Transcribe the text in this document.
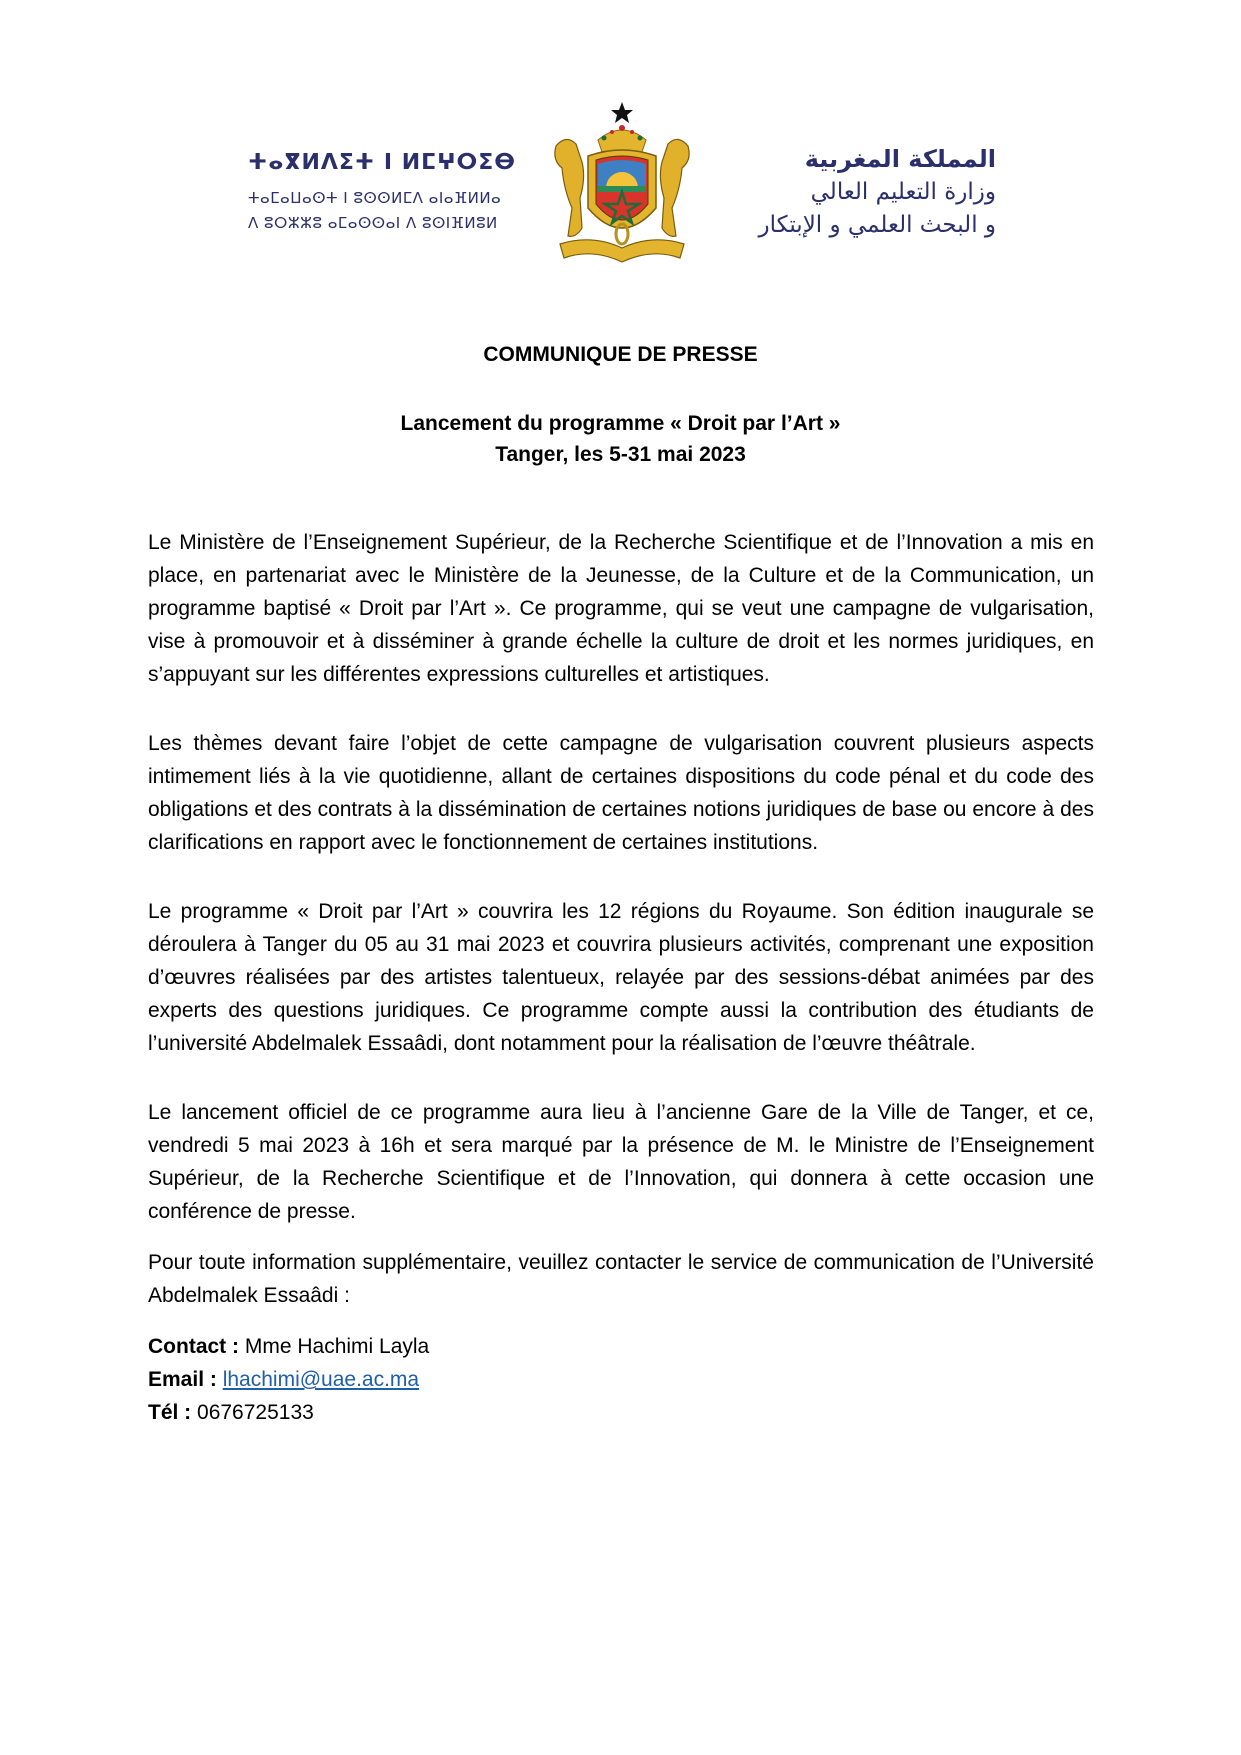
ⵜⴰⴳⵍⴷⵉⵜ ⵏ ⵍⵎⵖⵔⵉⴱ
ⵜⴰⵎⴰⵡⴰⵙⵜ ⵏ ⵓⵙⵙⵍⵎⴷ ⴰⵏⴰⴼⵍⵍⴰ
ⴷ ⵓⵔⵣⵣⵓ ⴰⵎⴰⵙⵙⴰⵏ ⴷ ⵓⵙⵏⴼⵍⵓⵍ
المملكة المغربية
وزارة التعليم العالي
و البحث العلمي و الإبتكار
COMMUNIQUE DE PRESSE
Lancement du programme « Droit par l’Art »
Tanger, les 5-31 mai 2023

Le Ministère de l’Enseignement Supérieur, de la Recherche Scientifique et de l’Innovation a mis en place, en partenariat avec le Ministère de la Jeunesse, de la Culture et de la Communication, un programme baptisé « Droit par l’Art ». Ce programme, qui se veut une campagne de vulgarisation, vise à promouvoir et à disséminer à grande échelle la culture de droit et les normes juridiques, en s’appuyant sur les différentes expressions culturelles et artistiques.

Les thèmes devant faire l’objet de cette campagne de vulgarisation couvrent plusieurs aspects intimement liés à la vie quotidienne, allant de certaines dispositions du code pénal et du code des obligations et des contrats à la dissémination de certaines notions juridiques de base ou encore à des clarifications en rapport avec le fonctionnement de certaines institutions.

Le programme « Droit par l’Art » couvrira les 12 régions du Royaume. Son édition inaugurale se déroulera à Tanger du 05 au 31 mai 2023 et couvrira plusieurs activités, comprenant une exposition d’œuvres réalisées par des artistes talentueux, relayée par des sessions-débat animées par des experts des questions juridiques. Ce programme compte aussi la contribution des étudiants de l’université Abdelmalek Essaâdi, dont notamment pour la réalisation de l’œuvre théâtrale.

Le lancement officiel de ce programme aura lieu à l’ancienne Gare de la Ville de Tanger, et ce, vendredi 5 mai 2023 à 16h et sera marqué par la présence de M. le Ministre de l’Enseignement Supérieur, de la Recherche Scientifique et de l’Innovation, qui donnera à cette occasion une conférence de presse.

Pour toute information supplémentaire, veuillez contacter le service de communication de l’Université Abdelmalek Essaâdi :

Contact : Mme Hachimi Layla
Email : lhachimi@uae.ac.ma
Tél : 0676725133
